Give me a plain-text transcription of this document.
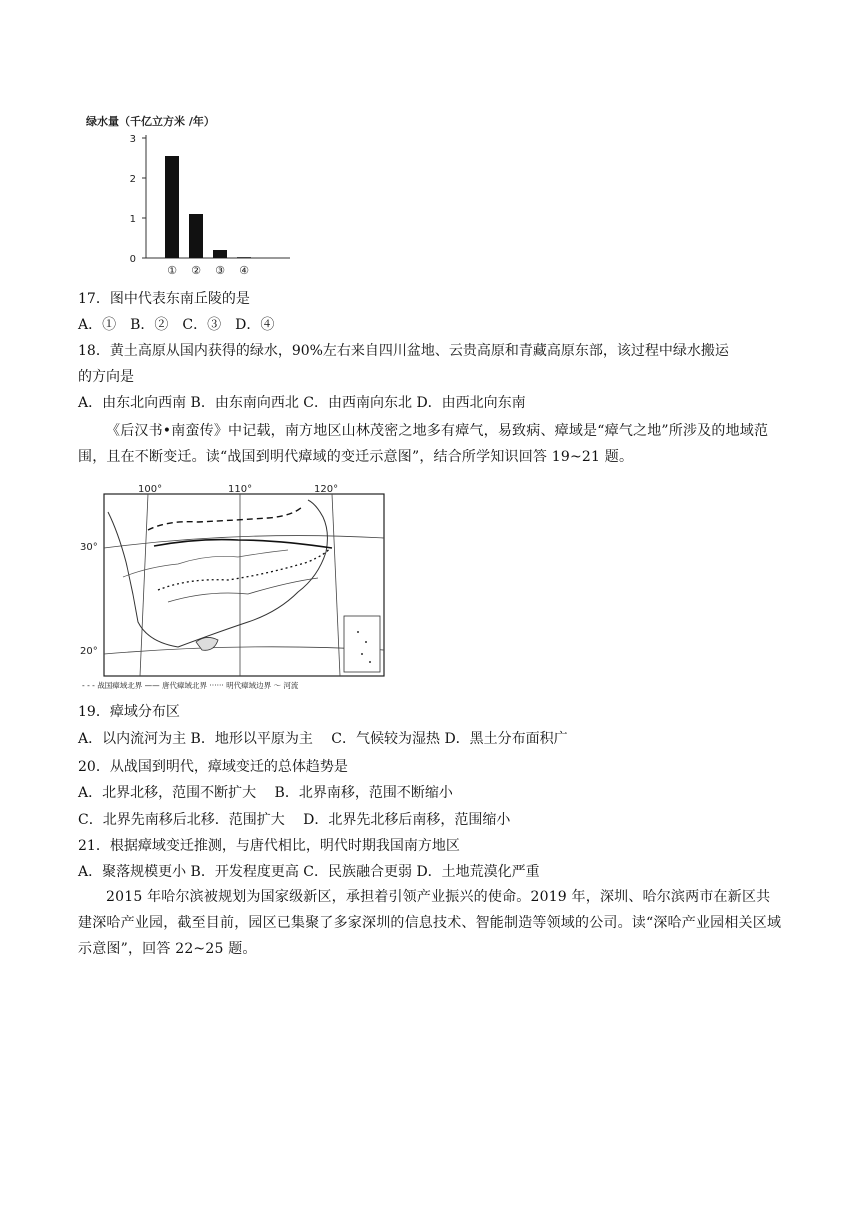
绿水量（千亿立方米 /年）
0
1
2
3
① ② ③ ④
17．图中代表东南丘陵的是
A．①　B．②　C．③　D．④
18．黄土高原从国内获得的绿水，90%左右来自四川盆地、云贵高原和青藏高原东部，该过程中绿水搬运
的方向是
A．由东北向西南 B．由东南向西北 C．由西南向东北 D．由西北向东南
《后汉书•南蛮传》中记载，南方地区山林茂密之地多有瘴气，易致病、瘴域是“瘴气之地”所涉及的地域范围，且在不断变迁。读“战国到明代瘴域的变迁示意图”，结合所学知识回答 19~21 题。
100°	110°	120°
30°
20°
- - - 战国瘴域北界 —— 唐代瘴域北界 ······ 明代瘴域边界 〜 河流
19．瘴域分布区
A．以内流河为主 B．地形以平原为主　 C．气候较为湿热 D．黑土分布面积广
20．从战国到明代，瘴域变迁的总体趋势是
A．北界北移，范围不断扩大　 B．北界南移，范围不断缩小
C．北界先南移后北移．范围扩大　 D．北界先北移后南移，范围缩小
21．根据瘴域变迁推测，与唐代相比，明代时期我国南方地区
A．聚落规模更小 B．开发程度更高 C．民族融合更弱 D．土地荒漠化严重
2015 年哈尔滨被规划为国家级新区，承担着引领产业振兴的使命。2019 年，深圳、哈尔滨两市在新区共建深哈产业园，截至目前，园区已集聚了多家深圳的信息技术、智能制造等领域的公司。读“深哈产业园相关区域示意图”，回答 22~25 题。
